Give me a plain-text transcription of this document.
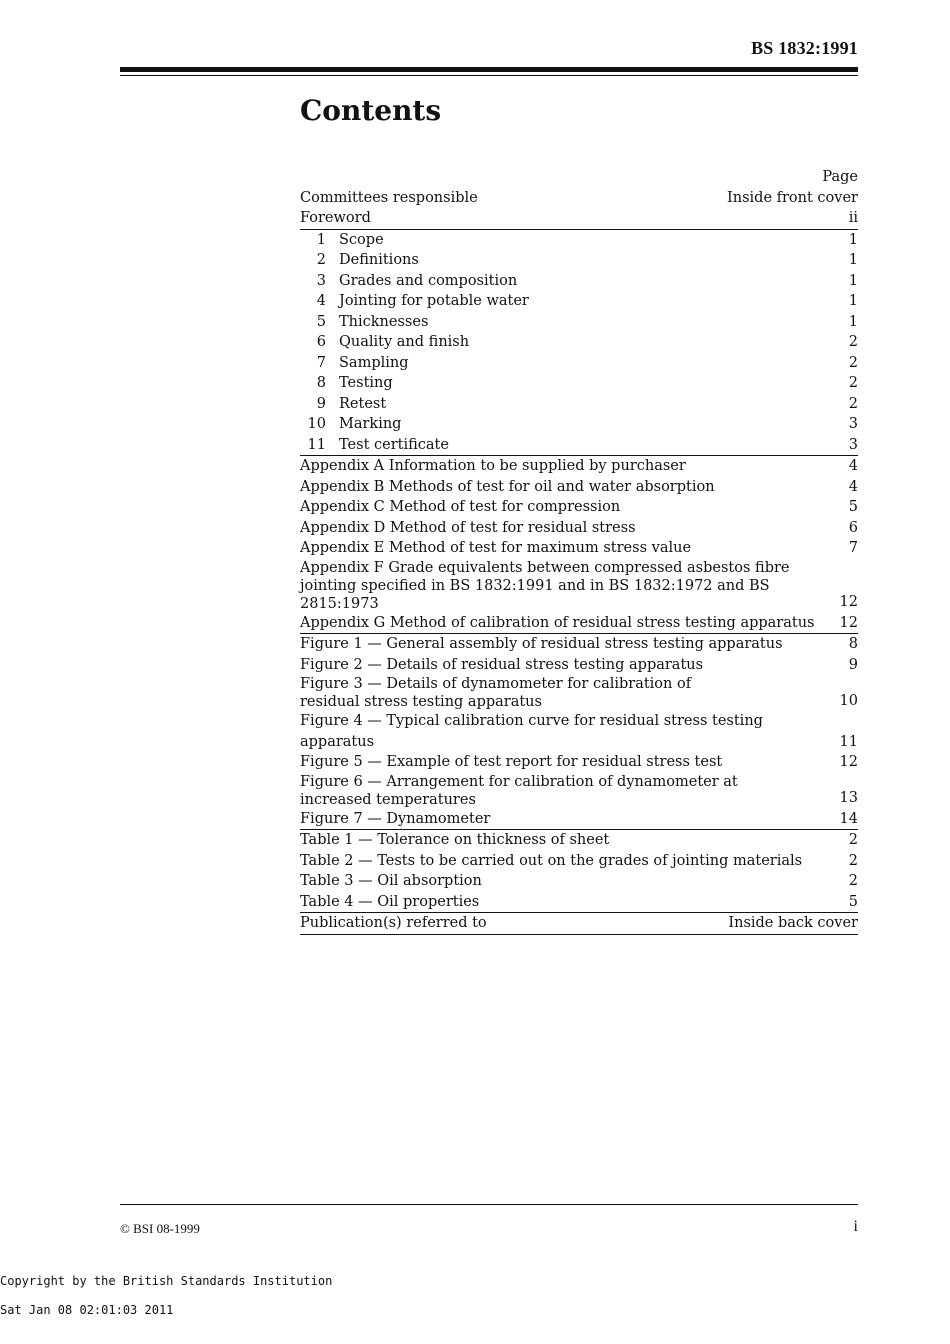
BS 1832:1991
Contents
Page
Committees responsible	Inside front cover
Foreword	ii
1 Scope	1
2 Definitions	1
3 Grades and composition	1
4 Jointing for potable water	1
5 Thicknesses	1
6 Quality and finish	2
7 Sampling	2
8 Testing	2
9 Retest	2
10 Marking	3
11 Test certificate	3
Appendix A Information to be supplied by purchaser	4
Appendix B Methods of test for oil and water absorption	4
Appendix C Method of test for compression	5
Appendix D Method of test for residual stress	6
Appendix E Method of test for maximum stress value	7
Appendix F Grade equivalents between compressed asbestos fibre jointing specified in BS 1832:1991 and in BS 1832:1972 and BS 2815:1973	12
Appendix G Method of calibration of residual stress testing apparatus	12
Figure 1 — General assembly of residual stress testing apparatus	8
Figure 2 — Details of residual stress testing apparatus	9
Figure 3 — Details of dynamometer for calibration of residual stress testing apparatus	10
Figure 4 — Typical calibration curve for residual stress testing apparatus	11
Figure 5 — Example of test report for residual stress test	12
Figure 6 — Arrangement for calibration of dynamometer at increased temperatures	13
Figure 7 — Dynamometer	14
Table 1 — Tolerance on thickness of sheet	2
Table 2 — Tests to be carried out on the grades of jointing materials	2
Table 3 — Oil absorption	2
Table 4 — Oil properties	5
Publication(s) referred to	Inside back cover
© BSI 08-1999	i
Copyright by the British Standards Institution
Sat Jan 08 02:01:03 2011
